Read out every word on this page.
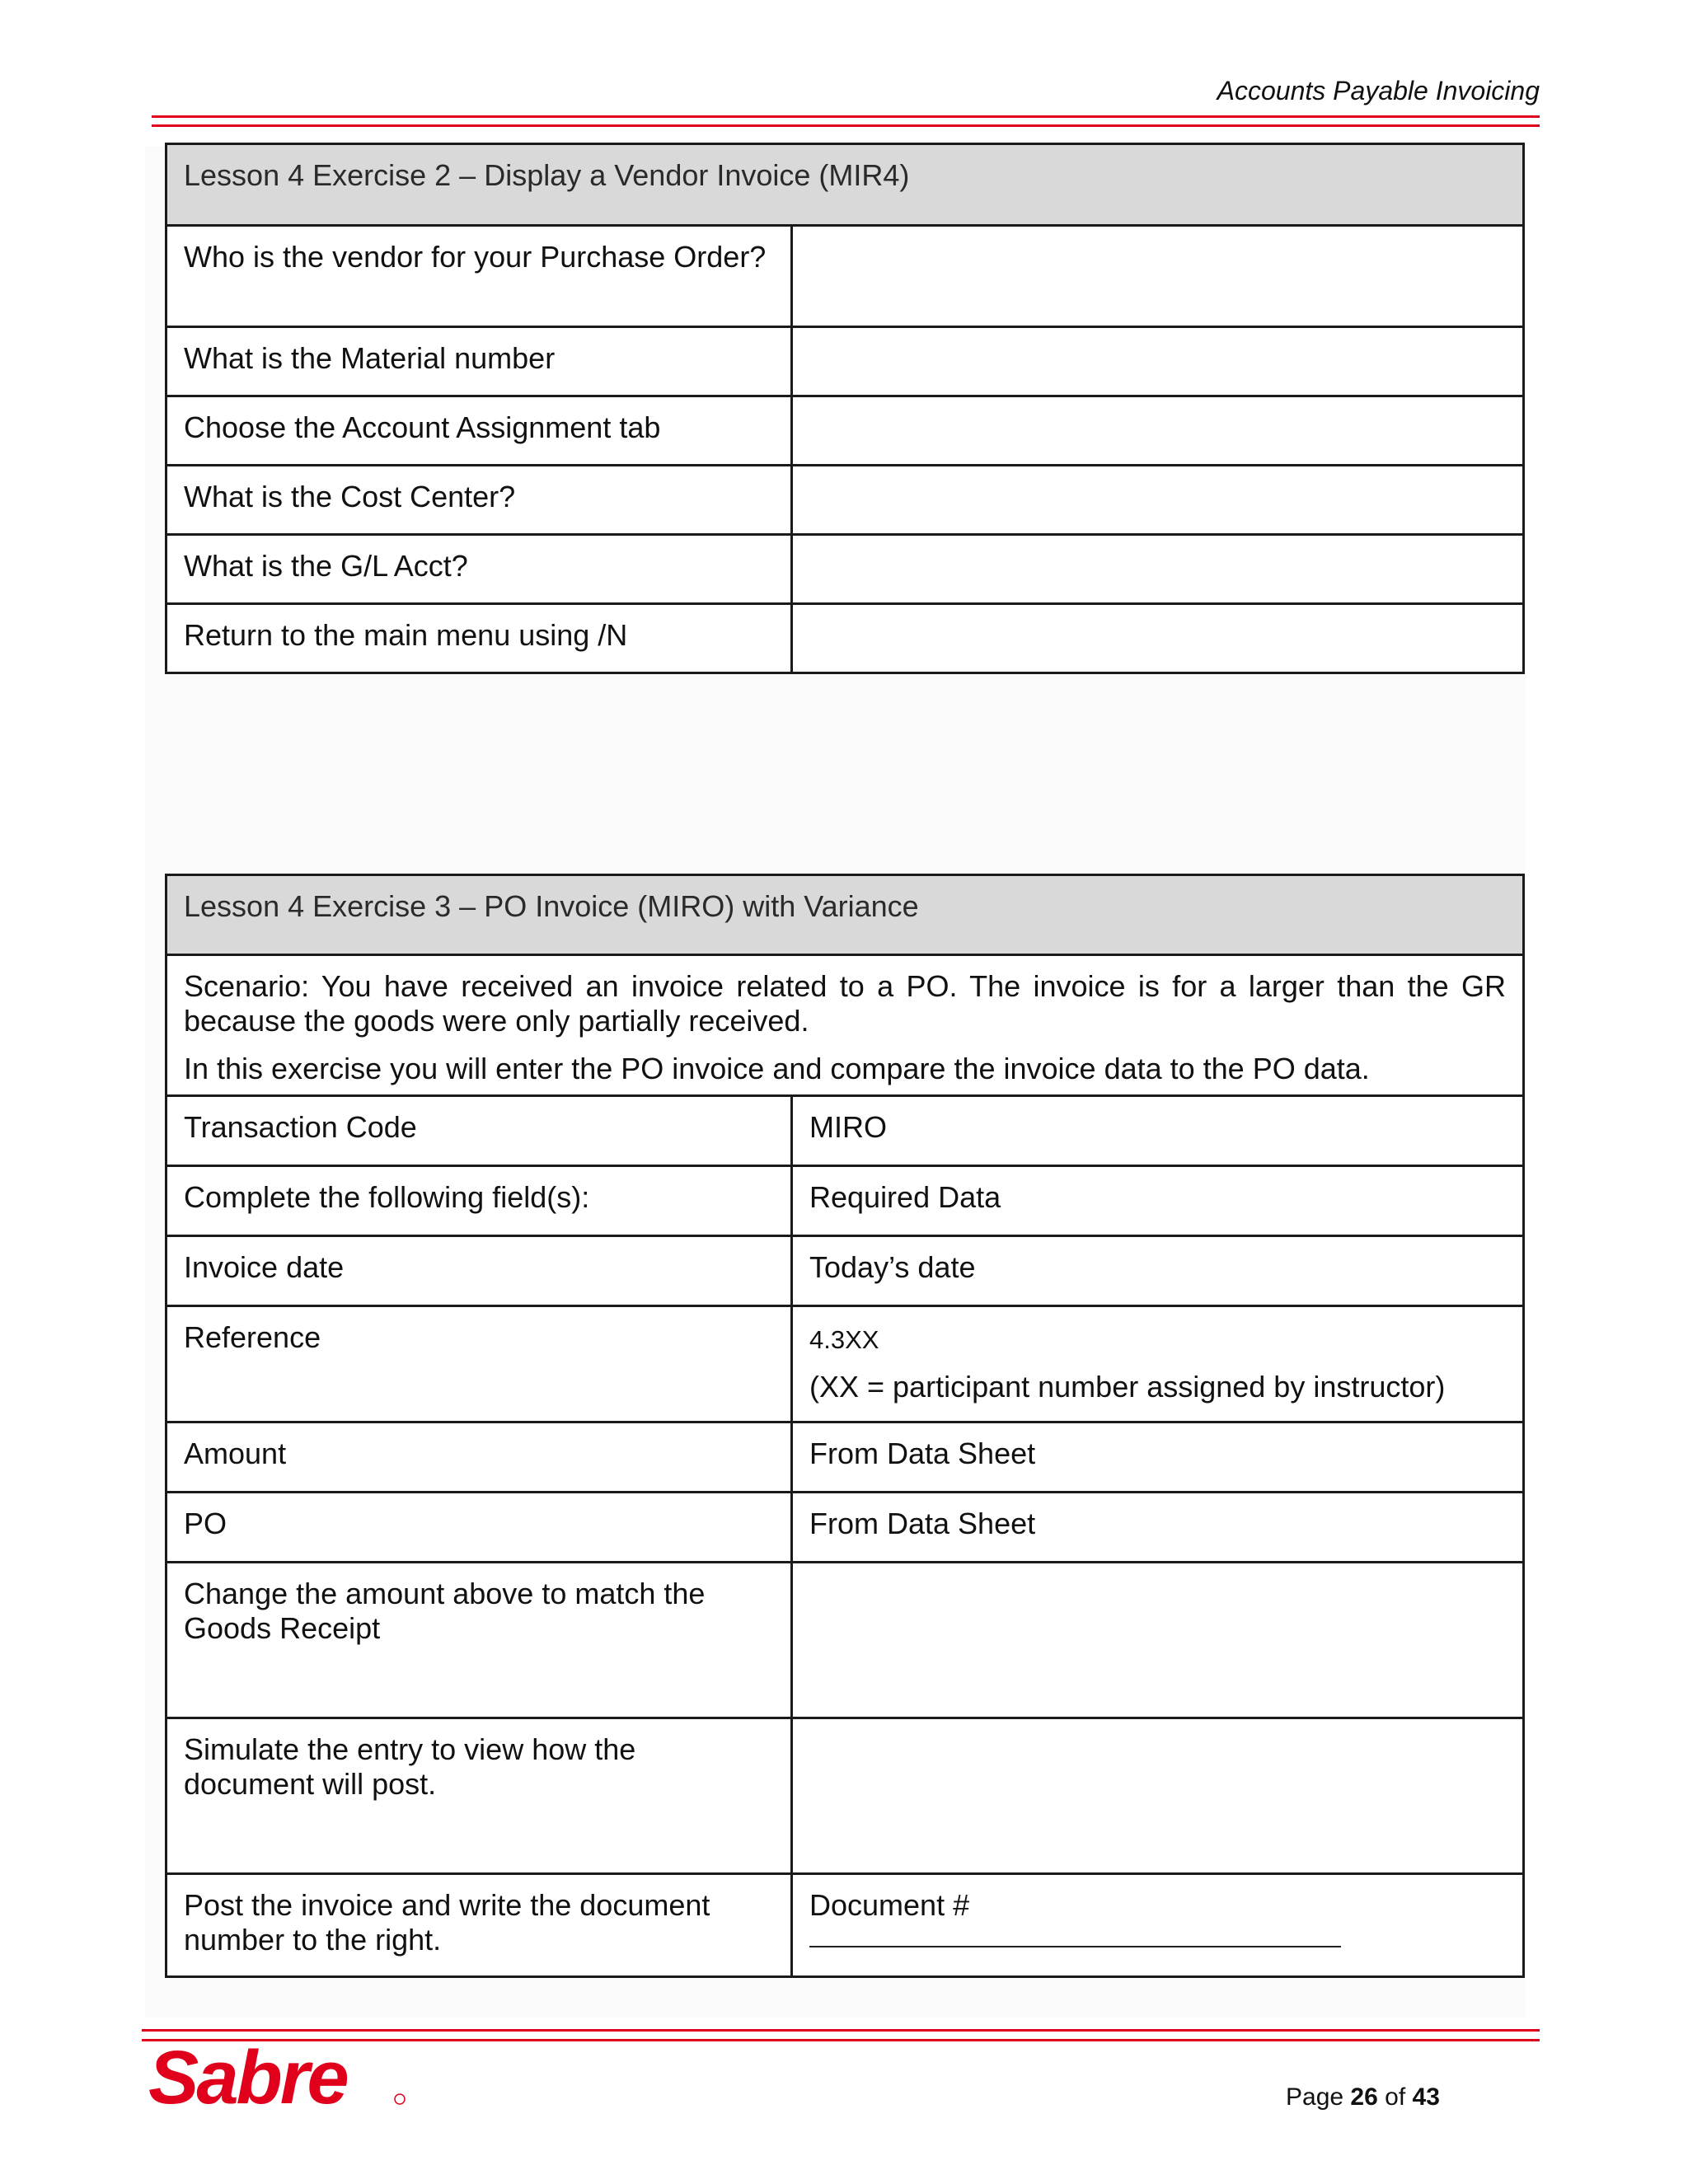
Accounts Payable Invoicing
Lesson 4 Exercise 2 – Display a Vendor Invoice (MIR4)	
Who is the vendor for your Purchase Order?	
What is the Material number	
Choose the Account Assignment tab	
What is the Cost Center?	
What is the G/L Acct?	
Return to the main menu using /N	
Lesson 4 Exercise 3 – PO Invoice (MIRO) with Variance	

Scenario: You have received an invoice related to a PO. The invoice is for a larger than the GR because the goods were only partially received.

In this exercise you will enter the PO invoice and compare the invoice data to the PO data.	

Transaction Code	MIRO
Complete the following field(s):	Required Data
Invoice date	Today’s date
Reference	4.3XX
(XX = participant number assigned by instructor)
Amount	From Data Sheet
PO	From Data Sheet
Change the amount above to match the Goods Receipt	
Simulate the entry to view how the document will post.	
Post the invoice and write the document number to the right.	Document #
Sabre	Page 26 of 43
